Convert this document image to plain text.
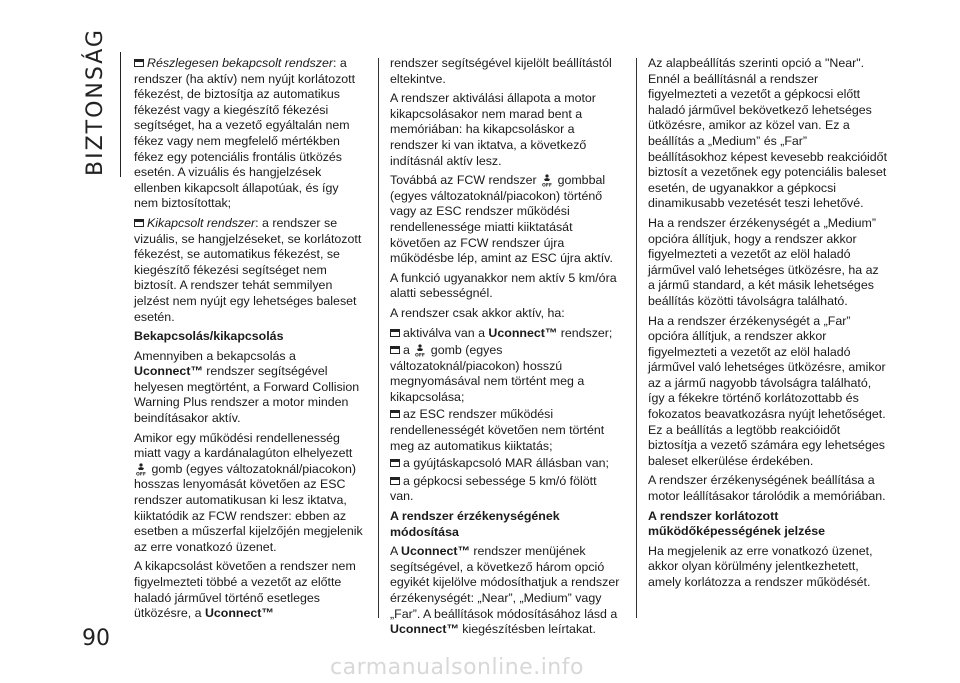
BIZTONSÁG
90

Részlegesen bekapcsolt rendszer: a rendszer (ha aktív) nem nyújt korlátozott fékezést, de biztosítja az automatikus fékezést vagy a kiegészítő fékezési segítséget, ha a vezető egyáltalán nem fékez vagy nem megfelelő mértékben fékez egy potenciális frontális ütközés esetén. A vizuális és hangjelzések ellenben kikapcsolt állapotúak, és így nem biztosítottak;

Kikapcsolt rendszer: a rendszer se vizuális, se hangjelzéseket, se korlátozott fékezést, se automatikus fékezést, se kiegészítő fékezési segítséget nem biztosít. A rendszer tehát semmilyen jelzést nem nyújt egy lehetséges baleset esetén.

Bekapcsolás/kikapcsolás

Amennyiben a bekapcsolás a Uconnect™ rendszer segítségével helyesen megtörtént, a Forward Collision Warning Plus rendszer a motor minden beindításakor aktív.

Amikor egy működési rendellenesség miatt vagy a kardánalagúton elhelyezett

OFF gomb (egyes változatoknál/piacokon) hosszas lenyomását követően az ESC rendszer automatikusan ki lesz iktatva, kiiktatódik az FCW rendszer: ebben az esetben a műszerfal kijelzőjén megjelenik az erre vonatkozó üzenet.

A kikapcsolást követően a rendszer nem figyelmezteti többé a vezetőt az előtte haladó járművel történő esetleges ütközésre, a Uconnect™

rendszer segítségével kijelölt beállítástól eltekintve.

A rendszer aktiválási állapota a motor kikapcsolásakor nem marad bent a memóriában: ha kikapcsoláskor a rendszer ki van iktatva, a következő indításnál aktív lesz.

Továbbá az FCW rendszer OFF gombbal (egyes változatoknál/piacokon) történő vagy az ESC rendszer működési rendellenessége miatti kiiktatását követően az FCW rendszer újra működésbe lép, amint az ESC újra aktív.

A funkció ugyanakkor nem aktív 5 km/óra alatti sebességnél.

A rendszer csak akkor aktív, ha:

aktiválva van a Uconnect™ rendszer;

a OFF gomb (egyes változatoknál/piacokon) hosszú megnyomásával nem történt meg a kikapcsolása;

az ESC rendszer működési rendellenességét követően nem történt meg az automatikus kiiktatás;

a gyújtáskapcsoló MAR állásban van;

a gépkocsi sebessége 5 km/ó fölött van.

A rendszer érzékenységének módosítása

A Uconnect™ rendszer menüjének segítségével, a következő három opció egyikét kijelölve módosíthatjuk a rendszer érzékenységét: „Near”, „Medium” vagy „Far”. A beállítások módosításához lásd a Uconnect™ kiegészítésben leírtakat.

Az alapbeállítás szerinti opció a "Near". Ennél a beállításnál a rendszer figyelmezteti a vezetőt a gépkocsi előtt haladó járművel bekövetkező lehetséges ütközésre, amikor az közel van. Ez a beállítás a „Medium” és „Far” beállításokhoz képest kevesebb reakcióidőt biztosít a vezetőnek egy potenciális baleset esetén, de ugyanakkor a gépkocsi dinamikusabb vezetését teszi lehetővé.

Ha a rendszer érzékenységét a „Medium” opcióra állítjuk, hogy a rendszer akkor figyelmezteti a vezetőt az elöl haladó járművel való lehetséges ütközésre, ha az a jármű standard, a két másik lehetséges beállítás közötti távolságra található.

Ha a rendszer érzékenységét a „Far” opcióra állítjuk, a rendszer akkor figyelmezteti a vezetőt az elöl haladó járművel való lehetséges ütközésre, amikor az a jármű nagyobb távolságra található, így a fékekre történő korlátozottabb és fokozatos beavatkozásra nyújt lehetőséget. Ez a beállítás a legtöbb reakcióidőt biztosítja a vezető számára egy lehetséges baleset elkerülése érdekében.

A rendszer érzékenységének beállítása a motor leállításakor tárolódik a memóriában.

A rendszer korlátozott működőképességének jelzése

Ha megjelenik az erre vonatkozó üzenet, akkor olyan körülmény jelentkezhetett, amely korlátozza a rendszer működését.

carmanualsonline.info
